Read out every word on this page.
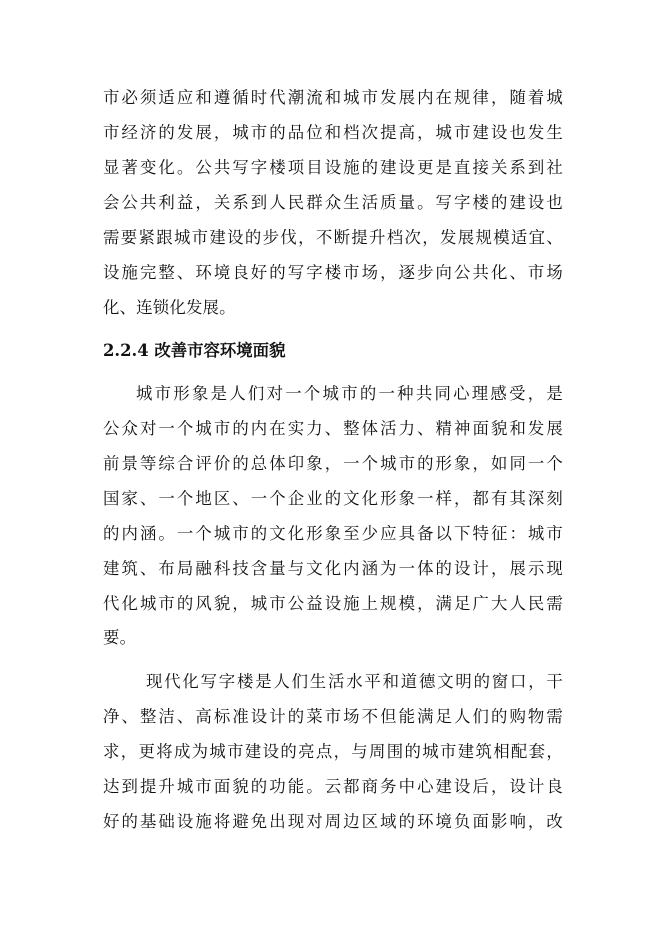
市必须适应和遵循时代潮流和城市发展内在规律，随着城
市经济的发展，城市的品位和档次提高，城市建设也发生
显著变化。公共写字楼项目设施的建设更是直接关系到社
会公共利益，关系到人民群众生活质量。写字楼的建设也
需要紧跟城市建设的步伐，不断提升档次，发展规模适宜、
设施完整、环境良好的写字楼市场，逐步向公共化、市场
化、连锁化发展。
2.2.4 改善市容环境面貌
城市形象是人们对一个城市的一种共同心理感受，是
公众对一个城市的内在实力、整体活力、精神面貌和发展
前景等综合评价的总体印象，一个城市的形象，如同一个
国家、一个地区、一个企业的文化形象一样，都有其深刻
的内涵。一个城市的文化形象至少应具备以下特征：城市
建筑、布局融科技含量与文化内涵为一体的设计，展示现
代化城市的风貌，城市公益设施上规模，满足广大人民需
要。
现代化写字楼是人们生活水平和道德文明的窗口，干
净、整洁、高标准设计的菜市场不但能满足人们的购物需
求，更将成为城市建设的亮点，与周围的城市建筑相配套，
达到提升城市面貌的功能。云都商务中心建设后，设计良
好的基础设施将避免出现对周边区域的环境负面影响，改
